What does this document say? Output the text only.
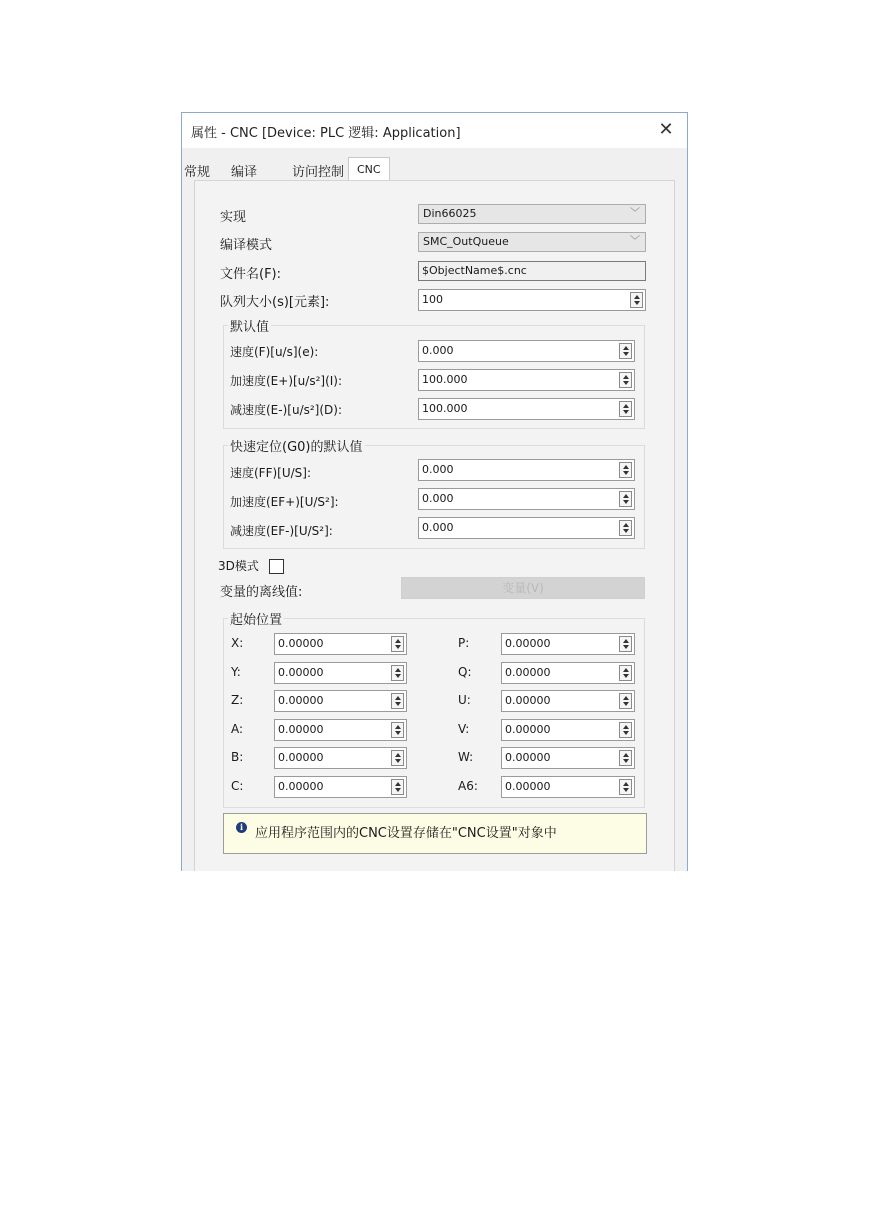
属性 - CNC [Device: PLC 逻辑: Application]	✕
常规 编译	访问控制	CNC
实现	Din66025	﹀
编译模式	SMC_OutQueue	﹀
文件名(F):	$ObjectName$.cnc
队列大小(s)[元素]:	100
默认值
速度(F)[u/s](e):	0.000
加速度(E+)[u/s²](I):	100.000
减速度(E-)[u/s²](D):	100.000
快速定位(G0)的默认值
速度(FF)[U/S]:	0.000
加速度(EF+)[U/S²]:	0.000
减速度(EF-)[U/S²]:	0.000
3D模式
变量的离线值:	变量(V)
起始位置
X:	0.00000
Y:	0.00000
Z:	0.00000
A:	0.00000
B:	0.00000
C:	0.00000
P:	0.00000
Q:	0.00000
U:	0.00000
V:	0.00000
W:	0.00000
A6:	0.00000
i 应用程序范围内的CNC设置存储在"CNC设置"对象中
